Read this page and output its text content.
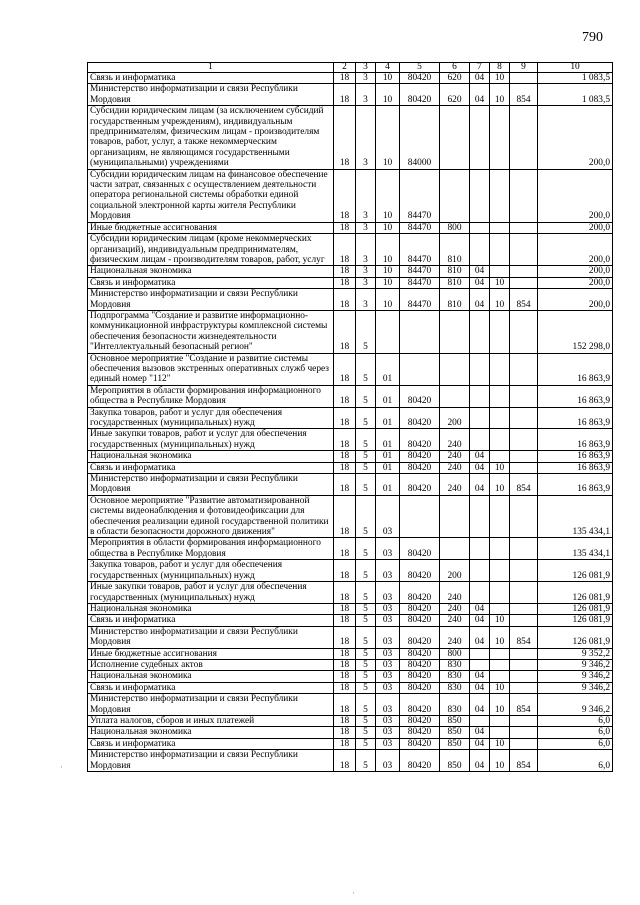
790
1	2	3	4	5	6	7	8	9	10
Связь и информатика	18	3	10	80420	620	04	10		1 083,5
Министерство информатизации и связи Республики Мордовия	18	3	10	80420	620	04	10	854	1 083,5
Субсидии юридическим лицам (за исключением субсидий государственным учреждениям), индивидуальным предпринимателям, физическим лицам - производителям товаров, работ, услуг, а также некоммерческим организациям, не являющимся государственными (муниципальными) учреждениями	18	3	10	84000					200,0
Субсидии юридическим лицам на финансовое обеспечение части затрат, связанных с осуществлением деятельности оператора региональной системы обработки единой социальной электронной карты жителя Республики Мордовия	18	3	10	84470					200,0
Иные бюджетные ассигнования	18	3	10	84470	800				200,0
Субсидии юридическим лицам (кроме некоммерческих организаций), индивидуальным предпринимателям, физическим лицам - производителям товаров, работ, услуг	18	3	10	84470	810				200,0
Национальная экономика	18	3	10	84470	810	04			200,0
Связь и информатика	18	3	10	84470	810	04	10		200,0
Министерство информатизации и связи Республики Мордовия	18	3	10	84470	810	04	10	854	200,0
Подпрограмма "Создание и развитие информационно-коммуникационной инфраструктуры комплексной системы обеспечения безопасности жизнедеятельности "Интеллектуальный безопасный регион"	18	5							152 298,0
Основное мероприятие "Создание и развитие системы обеспечения вызовов экстренных оперативных служб через единый номер "112"	18	5	01						16 863,9
Мероприятия в области формирования информационного общества в Республике Мордовия	18	5	01	80420					16 863,9
Закупка товаров, работ и услуг для обеспечения государственных (муниципальных) нужд	18	5	01	80420	200				16 863,9
Иные закупки товаров, работ и услуг для обеспечения государственных (муниципальных) нужд	18	5	01	80420	240				16 863,9
Национальная экономика	18	5	01	80420	240	04			16 863,9
Связь и информатика	18	5	01	80420	240	04	10		16 863,9
Министерство информатизации и связи Республики Мордовия	18	5	01	80420	240	04	10	854	16 863,9
Основное мероприятие "Развитие автоматизированной системы видеонаблюдения и фотовидеофиксации для обеспечения реализации единой государственной политики в области безопасности дорожного движения"	18	5	03						135 434,1
Мероприятия в области формирования информационного общества в Республике Мордовия	18	5	03	80420					135 434,1
Закупка товаров, работ и услуг для обеспечения государственных (муниципальных) нужд	18	5	03	80420	200				126 081,9
Иные закупки товаров, работ и услуг для обеспечения государственных (муниципальных) нужд	18	5	03	80420	240				126 081,9
Национальная экономика	18	5	03	80420	240	04			126 081,9
Связь и информатика	18	5	03	80420	240	04	10		126 081,9
Министерство информатизации и связи Республики Мордовия	18	5	03	80420	240	04	10	854	126 081,9
Иные бюджетные ассигнования	18	5	03	80420	800				9 352,2
Исполнение судебных актов	18	5	03	80420	830				9 346,2
Национальная экономика	18	5	03	80420	830	04			9 346,2
Связь и информатика	18	5	03	80420	830	04	10		9 346,2
Министерство информатизации и связи Республики Мордовия	18	5	03	80420	830	04	10	854	9 346,2
Уплата налогов, сборов и иных платежей	18	5	03	80420	850				6,0
Национальная экономика	18	5	03	80420	850	04			6,0
Связь и информатика	18	5	03	80420	850	04	10		6,0
Министерство информатизации и связи Республики Мордовия	18	5	03	80420	850	04	10	854	6,0
·
·
